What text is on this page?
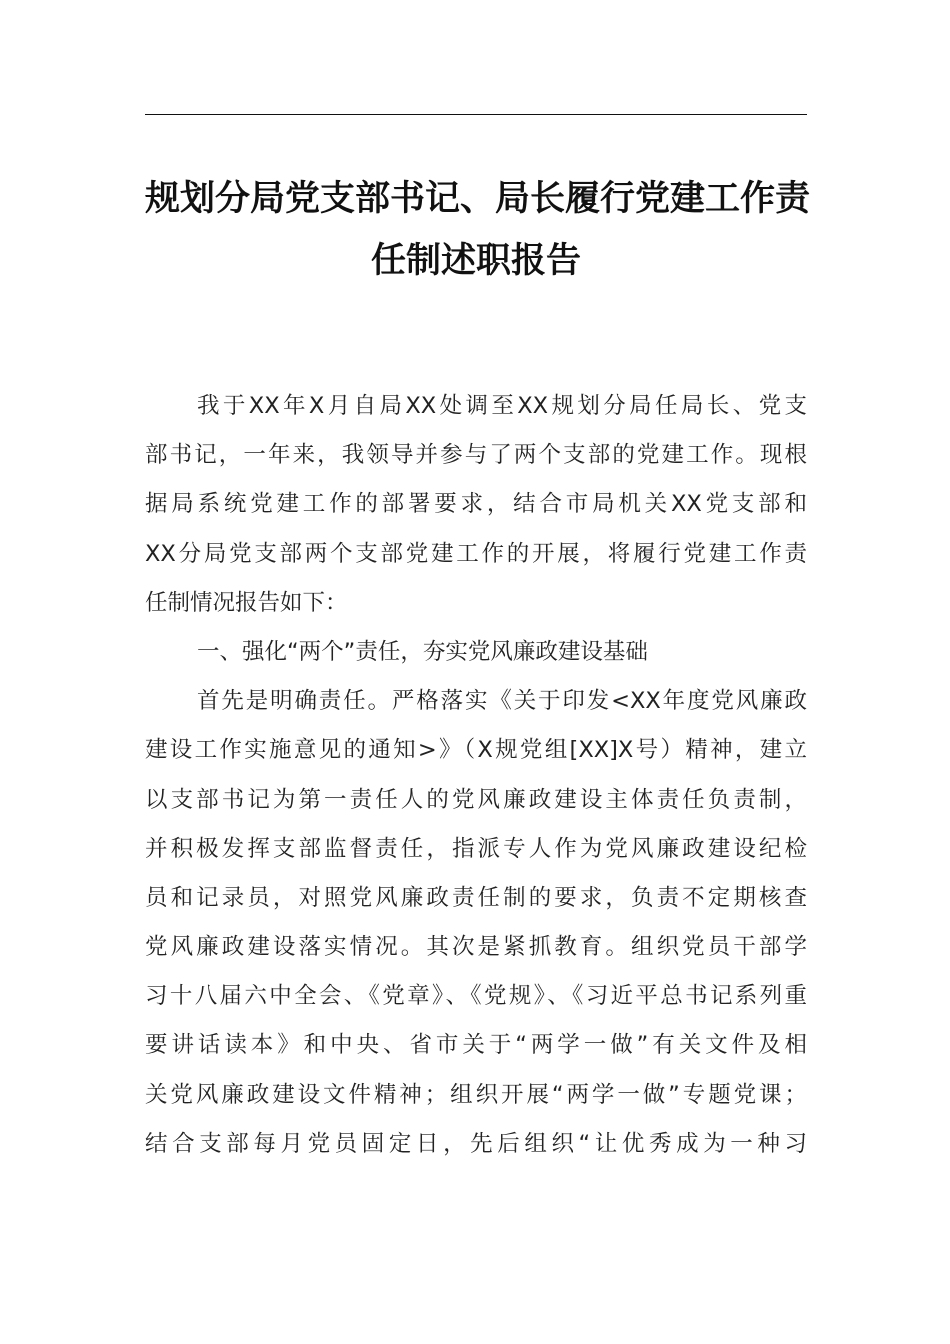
规划分局党支部书记、局长履行党建工作责
任制述职报告
我于XX年X月自局XX处调至XX规划分局任局长、党支
部书记，一年来，我领导并参与了两个支部的党建工作。现根
据局系统党建工作的部署要求，结合市局机关XX党支部和
XX分局党支部两个支部党建工作的开展，将履行党建工作责
任制情况报告如下：
一、强化“两个”责任，夯实党风廉政建设基础
首先是明确责任。严格落实《关于印发<XX年度党风廉政
建设工作实施意见的通知>》（X规党组[XX]X号）精神，建立
以支部书记为第一责任人的党风廉政建设主体责任负责制，
并积极发挥支部监督责任，指派专人作为党风廉政建设纪检
员和记录员，对照党风廉政责任制的要求，负责不定期核查
党风廉政建设落实情况。其次是紧抓教育。组织党员干部学
习十八届六中全会、《党章》、《党规》、《习近平总书记系列重
要讲话读本》和中央、省市关于“两学一做”有关文件及相
关党风廉政建设文件精神；组织开展“两学一做”专题党课；
结合支部每月党员固定日，先后组织“让优秀成为一种习
